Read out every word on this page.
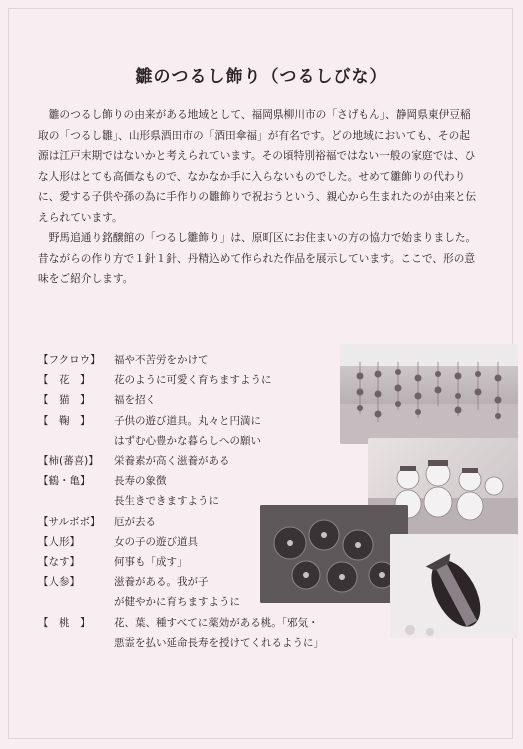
雛のつるし飾り（つるしびな）

雛のつるし飾りの由来がある地域として、福岡県柳川市の「さげもん」、静岡県東伊豆稲取の「つるし雛」、山形県酒田市の「酒田傘福」が有名です。どの地域においても、その起源は江戸末期ではないかと考えられています。その頃特別裕福ではない一般の家庭では、ひな人形はとても高価なもので、なかなか手に入らないものでした。せめて雛飾りの代わりに、愛する子供や孫の為に手作りの雛飾りで祝おうという、親心から生まれたのが由来と伝えられています。

野馬追通り銘醸館の「つるし雛飾り」は、原町区にお住まいの方の協力で始まりました。昔ながらの作り方で１針１針、丹精込めて作られた作品を展示しています。ここで、形の意味をご紹介します。

【フクロウ】	福や不苦労をかけて
【　花　】	花のように可愛く育ちますように
【　猫　】	福を招く
【　鞠　】	子供の遊び道具。丸々と円満に
はずむ心豊かな暮らしへの願い
【柿(蕃喜)】	栄養素が高く滋養がある
【鶴・亀】	長寿の象徴
長生きできますように
【サルボボ】	厄が去る
【人形】	女の子の遊び道具
【なす】	何事も「成す」
【人参】	滋養がある。我が子
が健やかに育ちますように
【　桃　】	花、葉、種すべてに薬効がある桃。「邪気・
悪霊を払い延命長寿を授けてくれるように」
